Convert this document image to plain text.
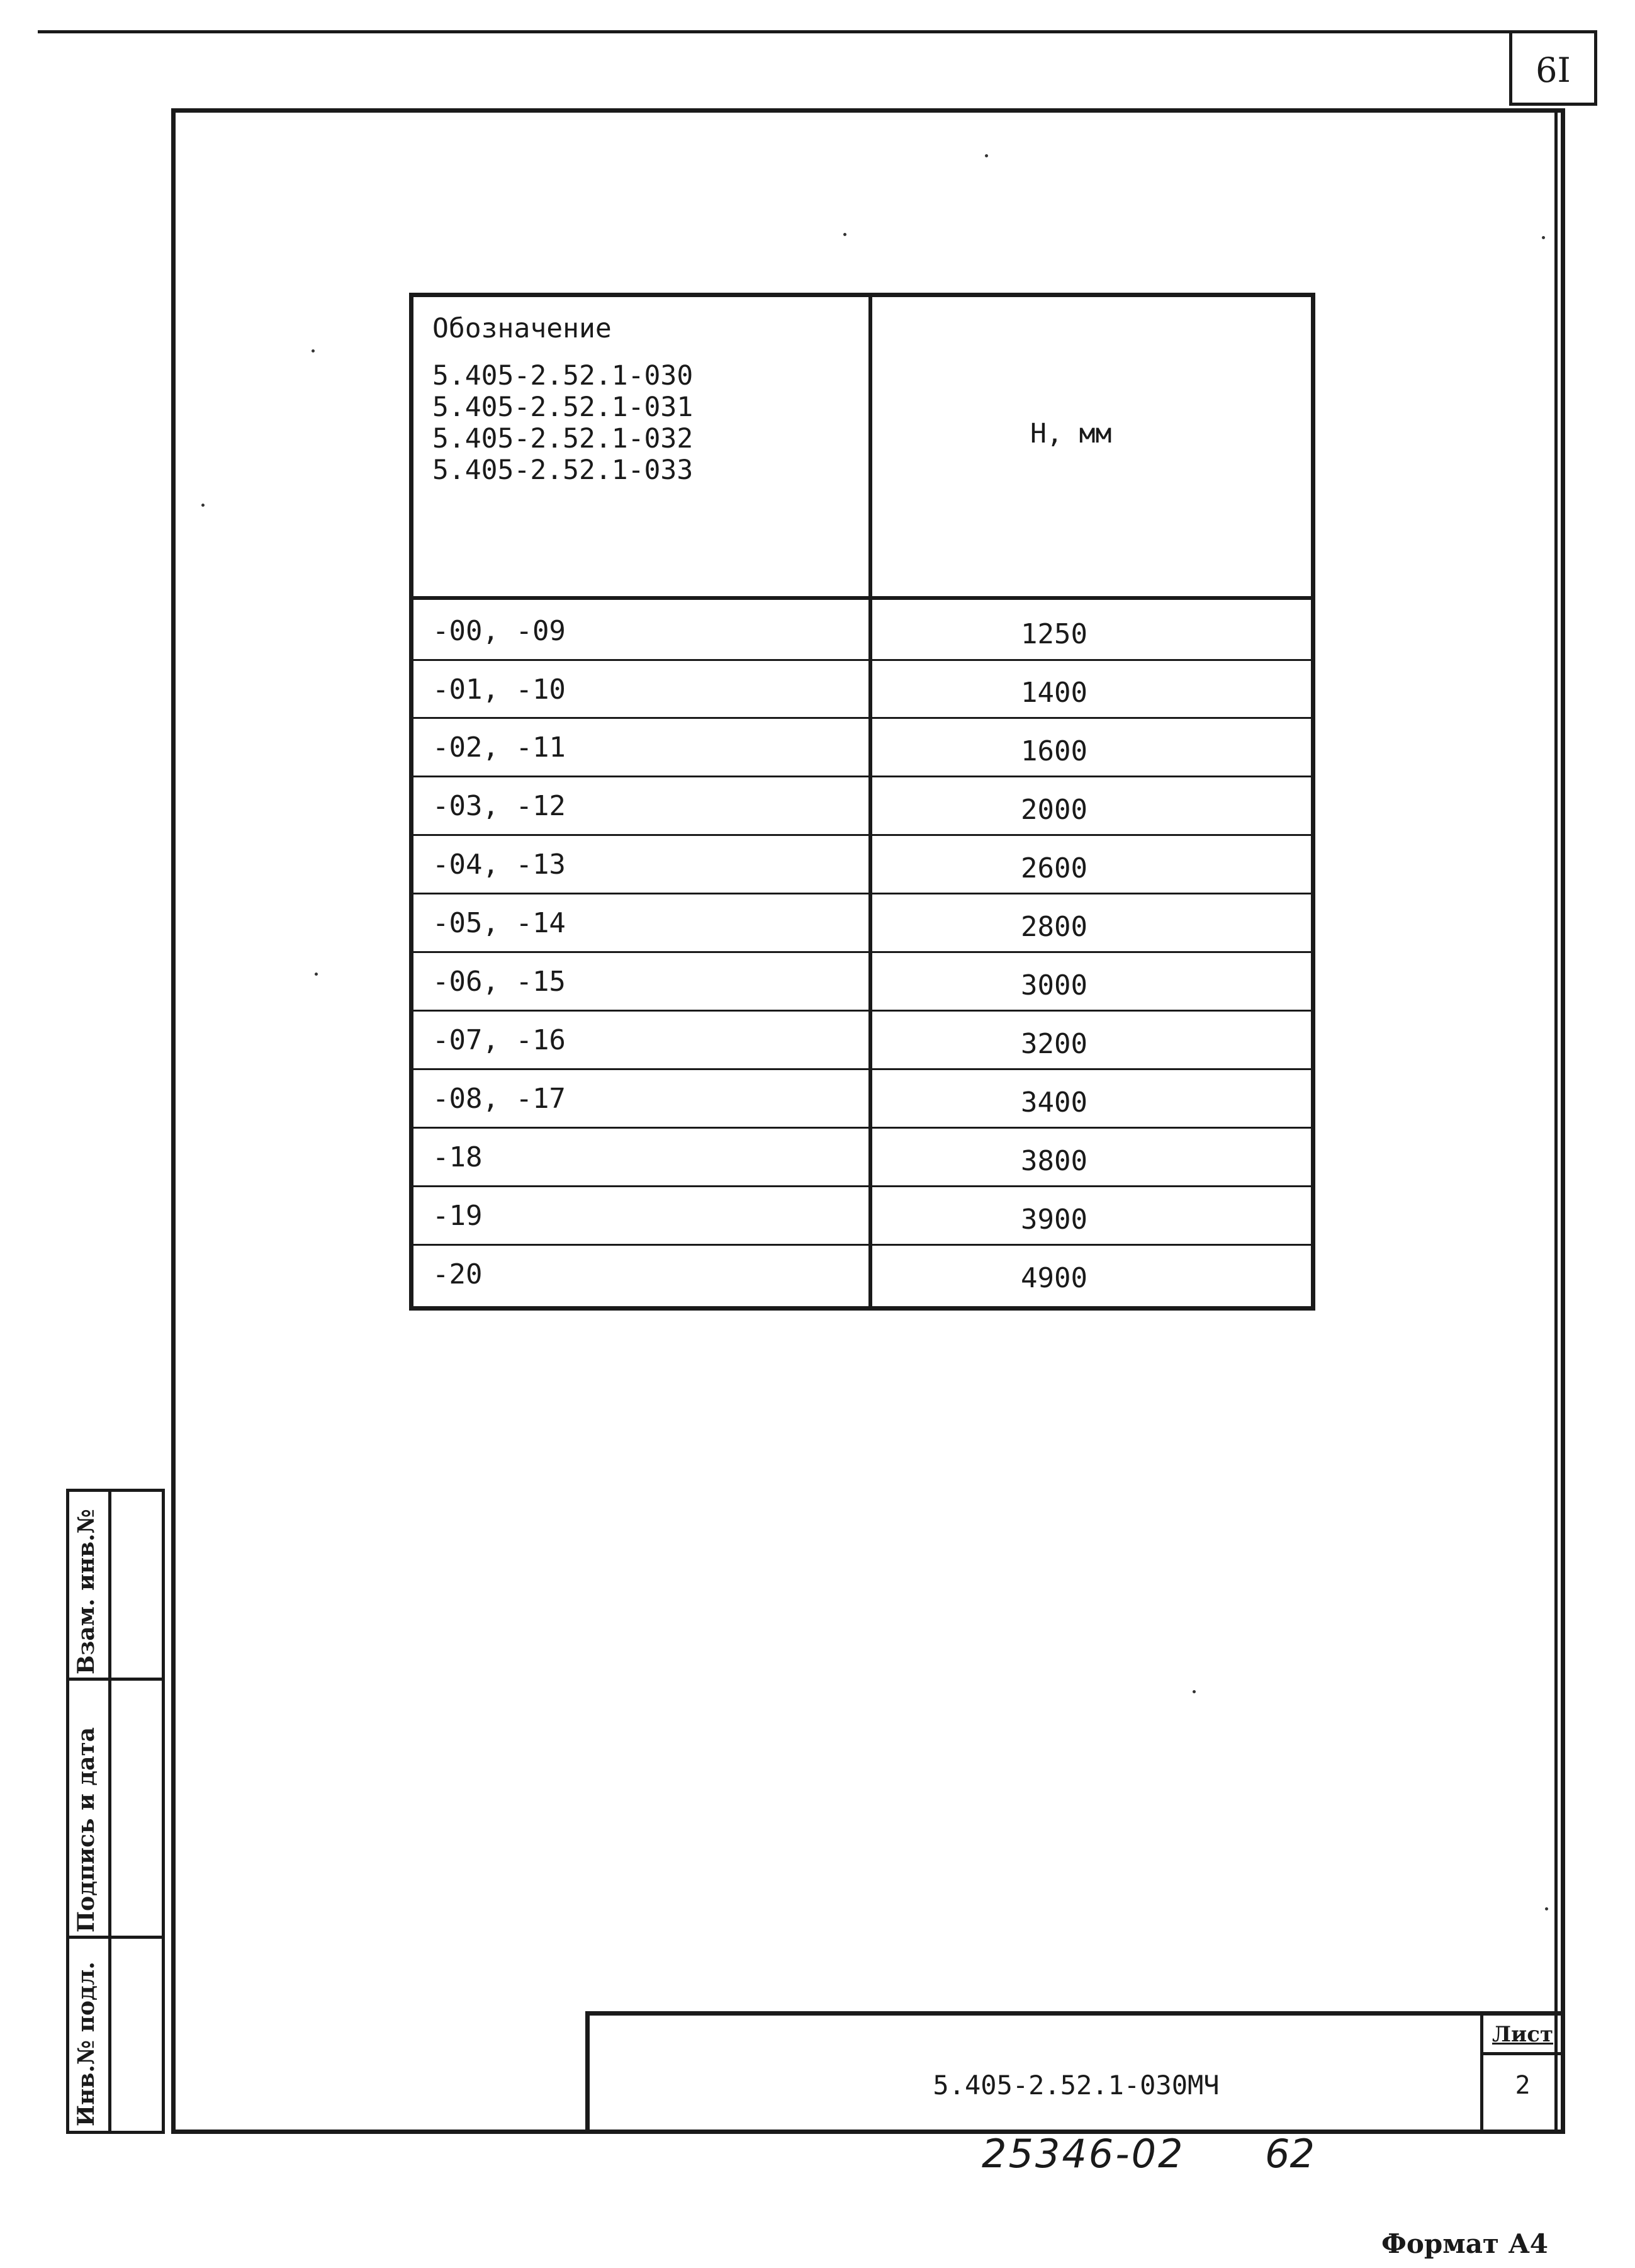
6I
Обозначение
5.405-2.52.1-030
5.405-2.52.1-031
5.405-2.52.1-032
5.405-2.52.1-033
H, мм
-00, -09	1250
-01, -10	1400
-02, -11	1600
-03, -12	2000
-04, -13	2600
-05, -14	2800
-06, -15	3000
-07, -16	3200
-08, -17	3400
-18	3800
-19	3900
-20	4900
Взам. инв.№
Подпись и дата
Инв.№ подл.	5.405-2.52.1-030МЧ
Лист
2
25346-02 62
Формат А4
